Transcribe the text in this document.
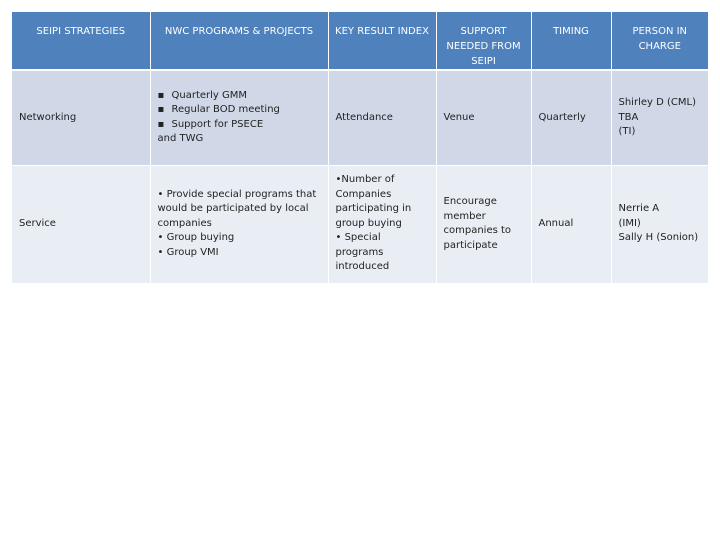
SEIPI STRATEGIES	NWC PROGRAMS & PROJECTS	KEY RESULT INDEX	SUPPORT NEEDED FROM SEIPI	TIMING	PERSON IN CHARGE
Networking	▪ Quarterly GMM
▪ Regular BOD meeting
▪ Support for PSECE
and TWG	Attendance	Venue	Quarterly	Shirley D (CML)
TBA
(TI)

Service	• Provide special programs that would be participated by local companies
• Group buying
• Group VMI	•Number of Companies participating in group buying
• Special programs introduced	Encourage member companies to participate	Annual	Nerrie A
(IMI)
Sally H (Sonion)
